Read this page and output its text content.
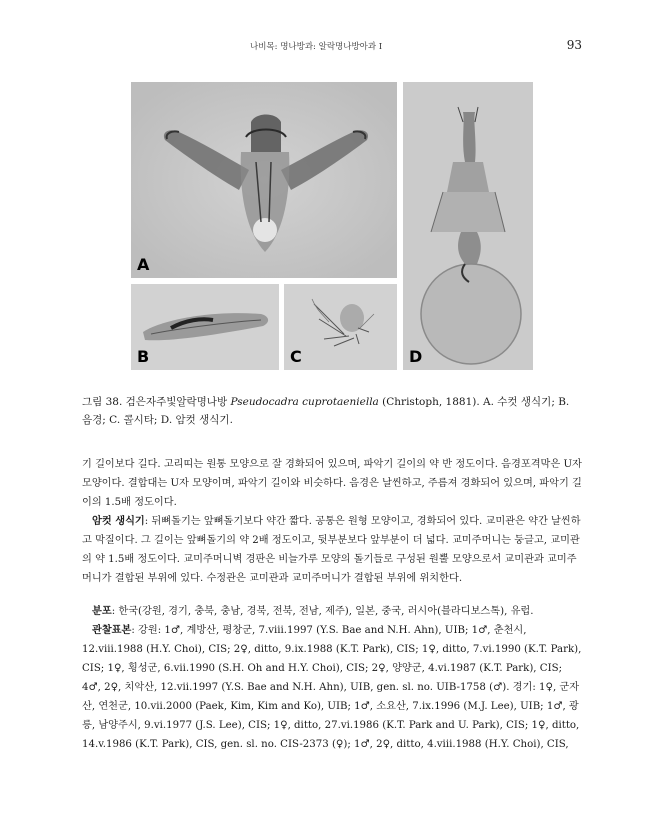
나비목: 명나방과: 알락명나방아과 I	93
A
B	C	D
그림 38. 검은자주빛알락명나방 Pseudocadra cuprotaeniella (Christoph, 1881). A. 수컷 생식기; B. 음경; C. 콜시타; D. 암컷 생식기.

기 길이보다 길다. 고리띠는 원통 모양으로 잘 경화되어 있으며, 파악기 길이의 약 반 정도이다. 음경포격막은 U자 모양이다. 결합대는 U자 모양이며, 파악기 길이와 비슷하다. 음경은 날씬하고, 주름져 경화되어 있으며, 파악기 길이의 1.5배 정도이다.

암컷 생식기: 뒤뼈돌기는 앞뼈돌기보다 약간 짧다. 공통은 원형 모양이고, 경화되어 있다. 교미관은 약간 날씬하고 막질이다. 그 길이는 앞뼈돌기의 약 2배 정도이고, 뒷부분보다 앞부분이 더 넓다. 교미주머니는 둥글고, 교미관의 약 1.5배 정도이다. 교미주머니벽 경판은 비늘가루 모양의 돌기들로 구성된 원뿔 모양으로서 교미관과 교미주머니가 결합된 부위에 있다. 수정관은 교미관과 교미주머니가 결합된 부위에 위치한다.

분포: 한국(강원, 경기, 충북, 충남, 경북, 전북, 전남, 제주), 일본, 중국, 러시아(블라디보스톡), 유럽.

관찰표본: 강원: 1♂, 계방산, 평창군, 7.viii.1997 (Y.S. Bae and N.H. Ahn), UIB; 1♂, 춘천시, 12.viii.1988 (H.Y. Choi), CIS; 2♀, ditto, 9.ix.1988 (K.T. Park), CIS; 1♀, ditto, 7.vi.1990 (K.T. Park), CIS; 1♀, 횡성군, 6.vii.1990 (S.H. Oh and H.Y. Choi), CIS; 2♀, 양양군, 4.vi.1987 (K.T. Park), CIS; 4♂, 2♀, 치악산, 12.vii.1997 (Y.S. Bae and N.H. Ahn), UIB, gen. sl. no. UIB-1758 (♂). 경기: 1♀, 군자산, 연천군, 10.vii.2000 (Paek, Kim, Kim and Ko), UIB; 1♂, 소요산, 7.ix.1996 (M.J. Lee), UIB; 1♂, 광릉, 남양주시, 9.vi.1977 (J.S. Lee), CIS; 1♀, ditto, 27.vi.1986 (K.T. Park and U. Park), CIS; 1♀, ditto, 14.v.1986 (K.T. Park), CIS, gen. sl. no. CIS-2373 (♀); 1♂, 2♀, ditto, 4.viii.1988 (H.Y. Choi), CIS,
